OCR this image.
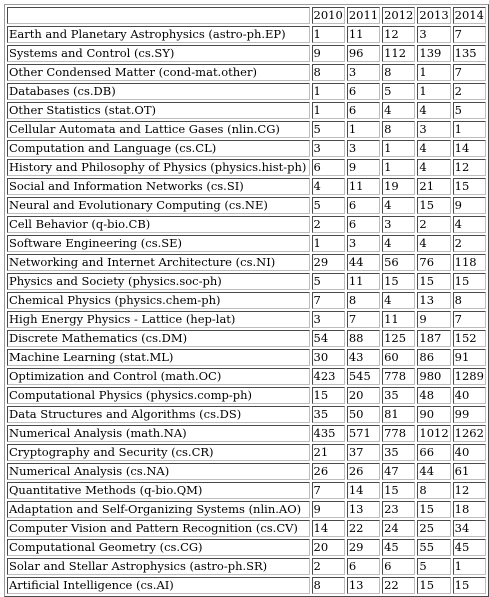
	2010	2011	2012	2013	2014
Earth and Planetary Astrophysics (astro-ph.EP)	1	11	12	3	7
Systems and Control (cs.SY)	9	96	112	139	135
Other Condensed Matter (cond-mat.other)	8	3	8	1	7
Databases (cs.DB)	1	6	5	1	2
Other Statistics (stat.OT)	1	6	4	4	5
Cellular Automata and Lattice Gases (nlin.CG)	5	1	8	3	1
Computation and Language (cs.CL)	3	3	1	4	14
History and Philosophy of Physics (physics.hist-ph)	6	9	1	4	12
Social and Information Networks (cs.SI)	4	11	19	21	15
Neural and Evolutionary Computing (cs.NE)	5	6	4	15	9
Cell Behavior (q-bio.CB)	2	6	3	2	4
Software Engineering (cs.SE)	1	3	4	4	2
Networking and Internet Architecture (cs.NI)	29	44	56	76	118
Physics and Society (physics.soc-ph)	5	11	15	15	15
Chemical Physics (physics.chem-ph)	7	8	4	13	8
High Energy Physics - Lattice (hep-lat)	3	7	11	9	7
Discrete Mathematics (cs.DM)	54	88	125	187	152
Machine Learning (stat.ML)	30	43	60	86	91
Optimization and Control (math.OC)	423	545	778	980	1289
Computational Physics (physics.comp-ph)	15	20	35	48	40
Data Structures and Algorithms (cs.DS)	35	50	81	90	99
Numerical Analysis (math.NA)	435	571	778	1012	1262
Cryptography and Security (cs.CR)	21	37	35	66	40
Numerical Analysis (cs.NA)	26	26	47	44	61
Quantitative Methods (q-bio.QM)	7	14	15	8	12
Adaptation and Self-Organizing Systems (nlin.AO)	9	13	23	15	18
Computer Vision and Pattern Recognition (cs.CV)	14	22	24	25	34
Computational Geometry (cs.CG)	20	29	45	55	45
Solar and Stellar Astrophysics (astro-ph.SR)	2	6	6	5	1
Artificial Intelligence (cs.AI)	8	13	22	15	15
